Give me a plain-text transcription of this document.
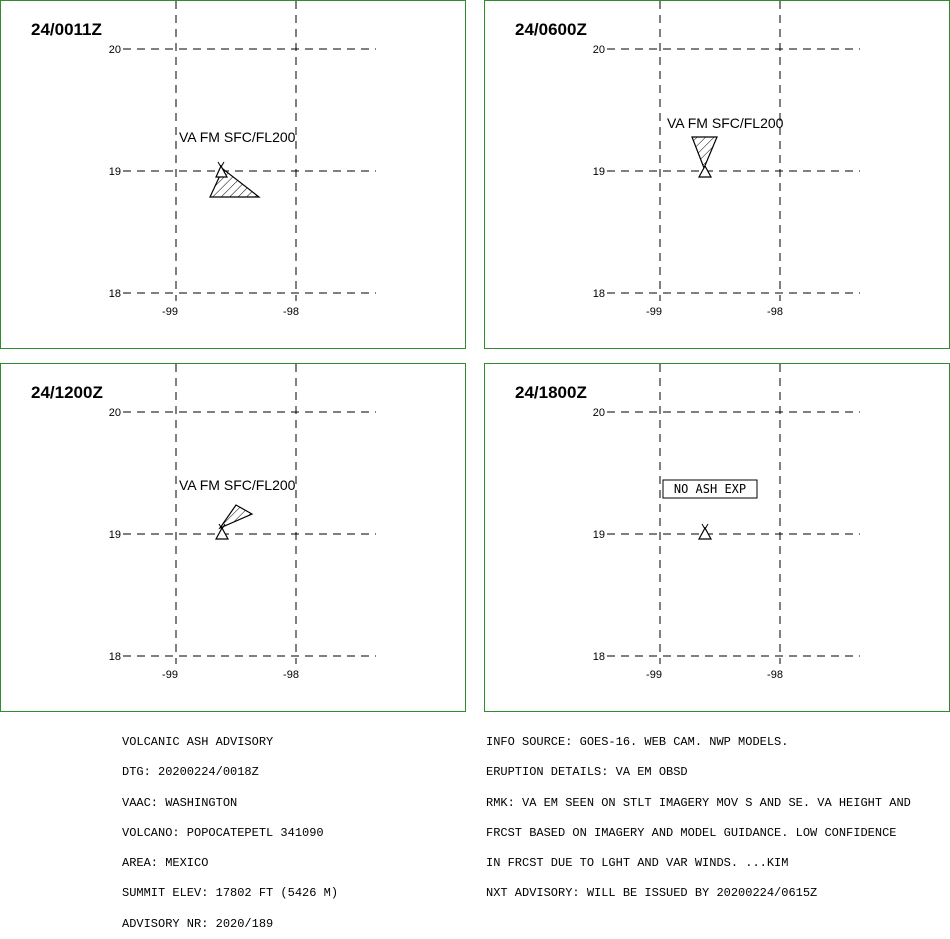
24/0011Z
20
19
18
-99	-98
VA FM SFC/FL200
24/0600Z
20
19
18
-99	-98
VA FM SFC/FL200
24/1200Z
20
19
18
-99	-98
VA FM SFC/FL200
24/1800Z
20
19
18
-99	-98
NO ASH EXP

VOLCANIC ASH ADVISORY

DTG: 20200224/0018Z

VAAC: WASHINGTON

VOLCANO: POPOCATEPETL 341090

AREA: MEXICO

SUMMIT ELEV: 17802 FT (5426 M)

ADVISORY NR: 2020/189

INFO SOURCE: GOES-16. WEB CAM. NWP MODELS.

ERUPTION DETAILS: VA EM OBSD

RMK: VA EM SEEN ON STLT IMAGERY MOV S AND SE. VA HEIGHT AND

FRCST BASED ON IMAGERY AND MODEL GUIDANCE. LOW CONFIDENCE

IN FRCST DUE TO LGHT AND VAR WINDS. ...KIM

NXT ADVISORY: WILL BE ISSUED BY 20200224/0615Z
